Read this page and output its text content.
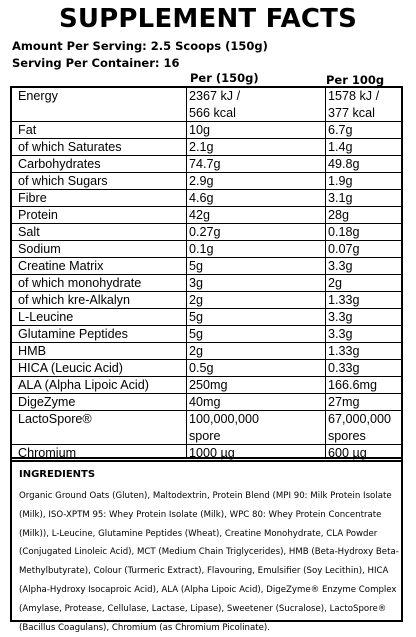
SUPPLEMENT FACTS
Amount Per Serving: 2.5 Scoops (150g)
Serving Per Container: 16
Per (150g)	Per 100g
Energy	2367 kJ /	1578 kJ /
566 kcal	377 kcal
Fat	10g	6.7g
of which Saturates	2.1g	1.4g
Carbohydrates	74.7g	49.8g
of which Sugars	2.9g	1.9g
Fibre	4.6g	3.1g
Protein	42g	28g
Salt	0.27g	0.18g
Sodium	0.1g	0.07g
Creatine Matrix	5g	3.3g
of which monohydrate	3g	2g
of which kre-Alkalyn	2g	1.33g
L-Leucine	5g	3.3g
Glutamine Peptides	5g	3.3g
HMB	2g	1.33g
HICA (Leucic Acid)	0.5g	0.33g
ALA (Alpha Lipoic Acid)	250mg	166.6mg
DigeZyme	40mg	27mg
LactoSpore®	100,000,000	67,000,000
spore	spores
Chromium	1000 µg	600 µg
INGREDIENTS
Organic Ground Oats (Gluten), Maltodextrin, Protein Blend (MPI 90: Milk Protein Isolate (Milk), ISO-XPTM 95: Whey Protein Isolate (Milk), WPC 80: Whey Protein Concentrate (Milk)), L-Leucine, Glutamine Peptides (Wheat), Creatine Monohydrate, CLA Powder (Conjugated Linoleic Acid), MCT (Medium Chain Triglycerides), HMB (Beta-Hydroxy Beta-Methylbutyrate), Colour (Turmeric Extract), Flavouring, Emulsifier (Soy Lecithin), HICA (Alpha-Hydroxy Isocaproic Acid), ALA (Alpha Lipoic Acid), DigeZyme® Enzyme Complex (Amylase, Protease, Cellulase, Lactase, Lipase), Sweetener (Sucralose), LactoSpore® (Bacillus Coagulans), Chromium (as Chromium Picolinate).
